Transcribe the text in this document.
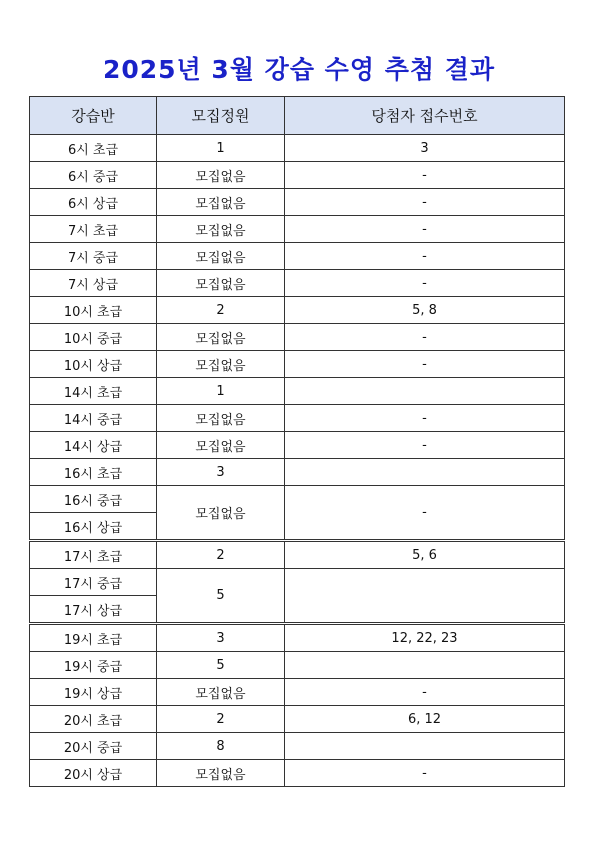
2025년 3월 강습 수영 추첨 결과
강습반	모집정원	당첨자 접수번호
6시 초급	1	3
6시 중급	모집없음	-
6시 상급	모집없음	-
7시 초급	모집없음	-
7시 중급	모집없음	-
7시 상급	모집없음	-
10시 초급	2	5, 8
10시 중급	모집없음	-
10시 상급	모집없음	-
14시 초급	1	
14시 중급	모집없음	-
14시 상급	모집없음	-
16시 초급	3	
16시 중급	모집없음	-
16시 상급		
17시 초급	2	5, 6
17시 중급	5	
17시 상급		
19시 초급	3	12, 22, 23
19시 중급	5	
19시 상급	모집없음	-
20시 초급	2	6, 12
20시 중급	8	
20시 상급	모집없음	-
